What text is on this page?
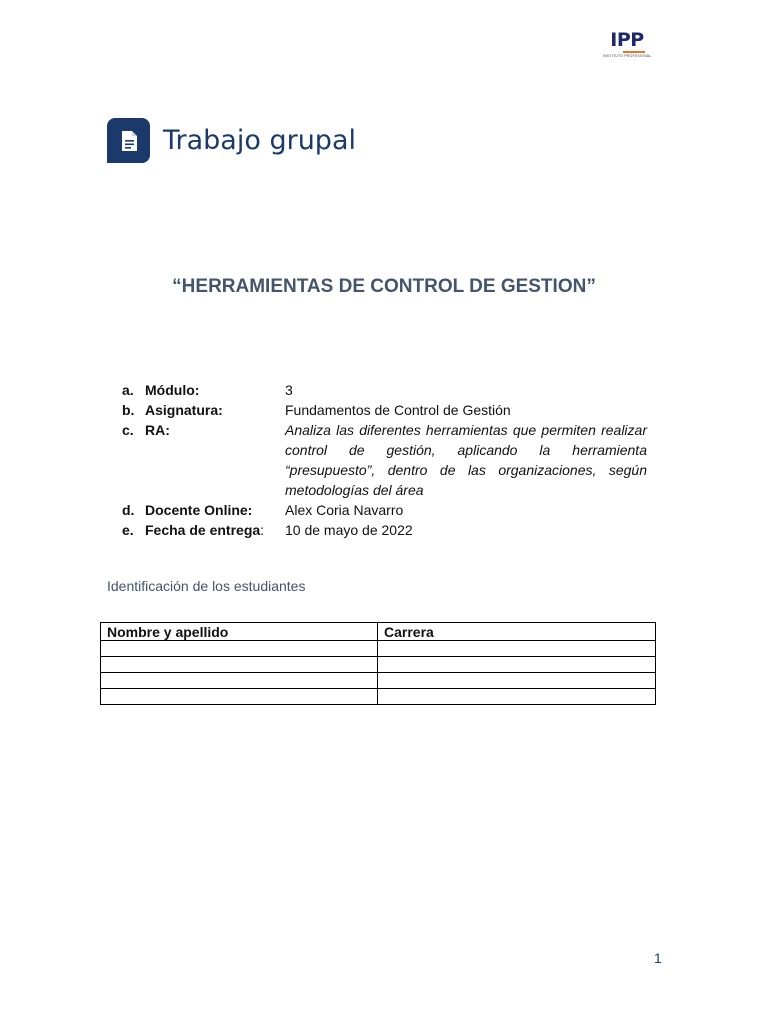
IPP
INSTITUTO PROFESIONAL
Trabajo grupal
“HERRAMIENTAS DE CONTROL DE GESTION”
a. Módulo:	3
b. Asignatura:	Fundamentos de Control de Gestión
c. RA:	Analiza las diferentes herramientas que permiten realizar control de gestión, aplicando la herramienta “presupuesto”, dentro de las organizaciones, según metodologías del área
d. Docente Online:	Alex Coria Navarro
e. Fecha de entrega:	10 de mayo de 2022
Identificación de los estudiantes
Nombre y apellido	Carrera

1
